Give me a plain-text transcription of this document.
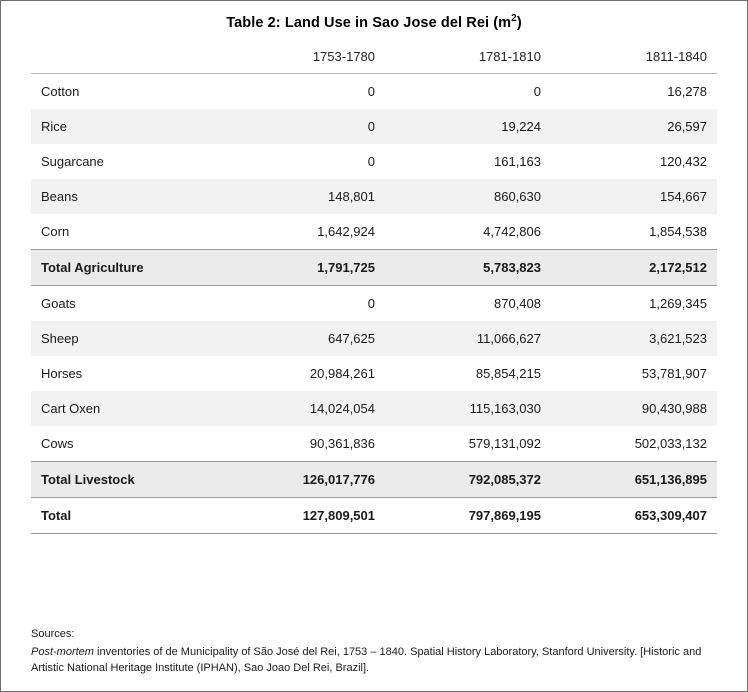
Table 2: Land Use in Sao Jose del Rei $(m^2)$
	1753-1780	1781-1810	1811-1840
Cotton	0	0	16,278
Rice	0	19,224	26,597
Sugarcane	0	161,163	120,432
Beans	148,801	860,630	154,667
Corn	1,642,924	4,742,806	1,854,538
Total Agriculture	1,791,725	5,783,823	2,172,512
Goats	0	870,408	1,269,345
Sheep	647,625	11,066,627	3,621,523
Horses	20,984,261	85,854,215	53,781,907
Cart Oxen	14,024,054	115,163,030	90,430,988
Cows	90,361,836	579,131,092	502,033,132
Total Livestock	126,017,776	792,085,372	651,136,895
Total	127,809,501	797,869,195	653,309,407
Sources:
Post-mortem inventories of de Municipality of São José del Rei, 1753 – 1840. Spatial History Laboratory, Stanford University. [Historic and Artistic National Heritage Institute (IPHAN), Sao Joao Del Rei, Brazil].
